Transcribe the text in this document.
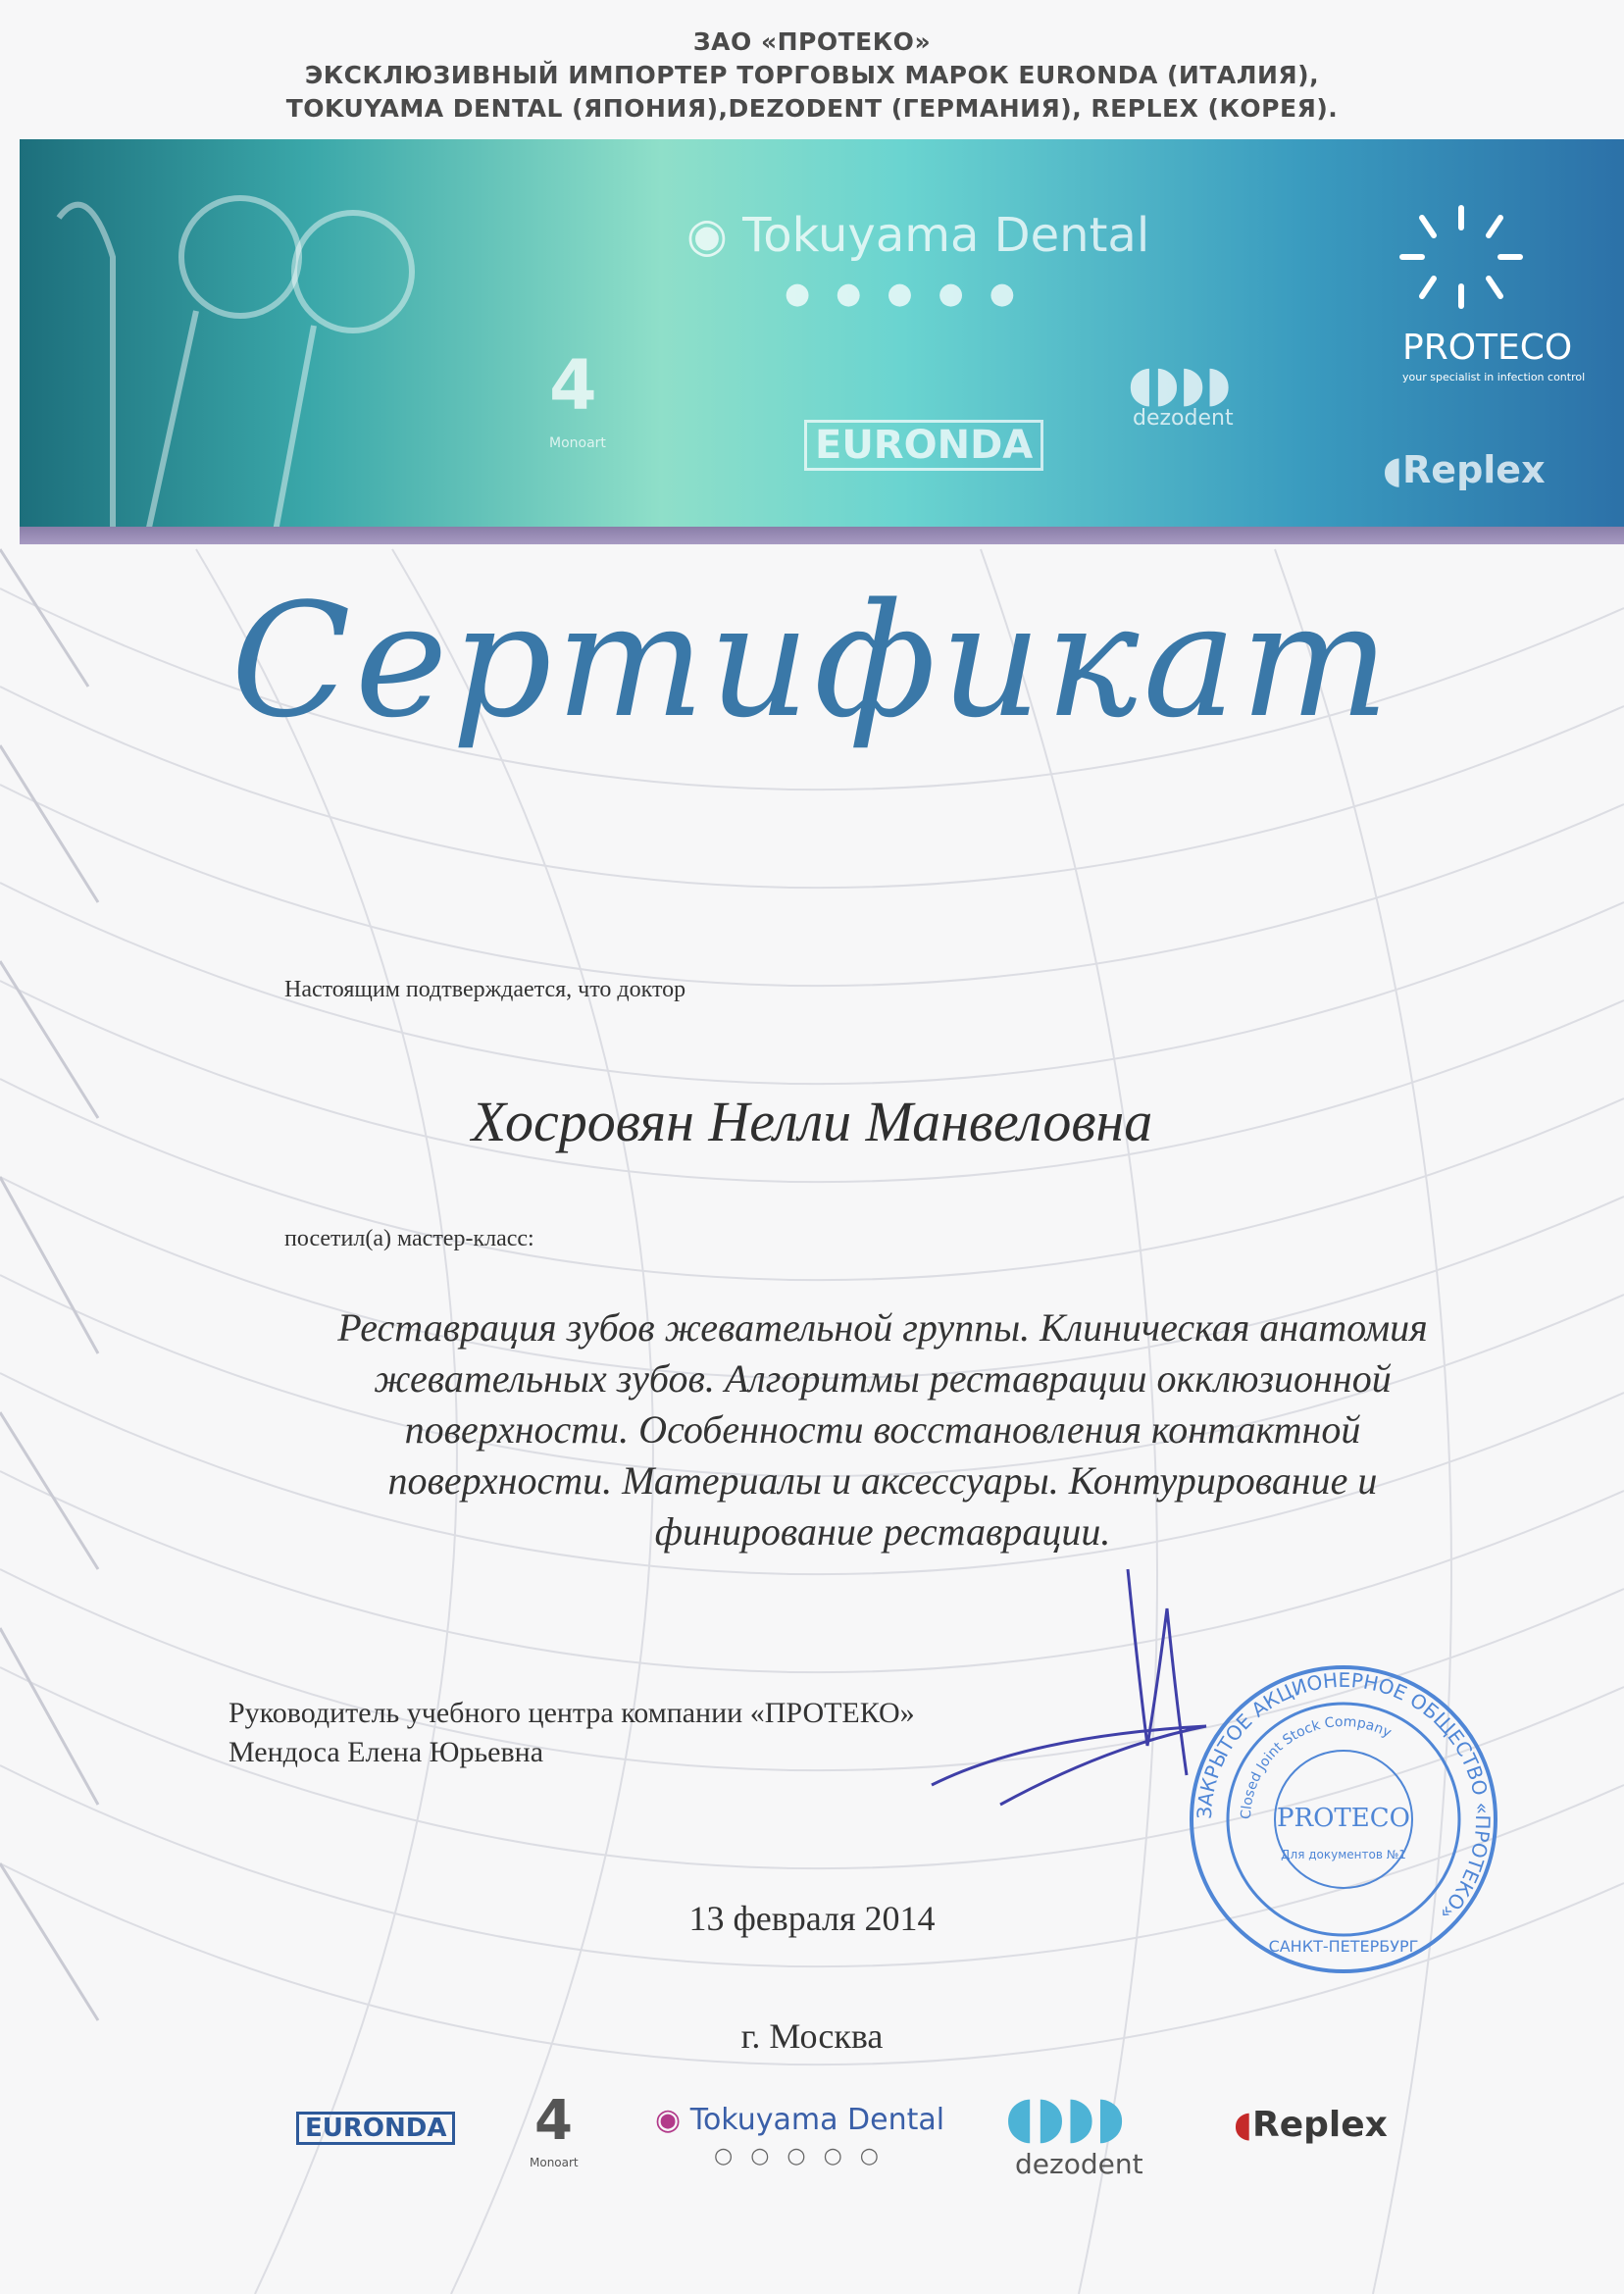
ЗАО «ПРОТЕКО»
ЭКСКЛЮЗИВНЫЙ ИМПОРТЕР ТОРГОВЫХ МАРОК EURONDA (ИТАЛИЯ),
TOKUYAMA DENTAL (ЯПОНИЯ),DEZODENT (ГЕРМАНИЯ), REPLEX (КОРЕЯ).
◉ Tokuyama Dental
●●●●●
4
Monoart	EURONDA
◖◗◗◗
dezodent
PROTECO
your specialist in infection control
◖Replex
Сертификат
Настоящим подтверждается, что доктор
Хосровян Нелли Манвеловна
посетил(а) мастер-класс:
Реставрация зубов жевательной группы. Клиническая анатомия
жевательных зубов. Алгоритмы реставрации окклюзионной
поверхности. Особенности восстановления контактной
поверхности. Материалы и аксессуары. Контурирование и
финирование реставрации.
Руководитель учебного центра компании «ПРОТЕКО»
Мендоса Елена Юрьевна
ЗАКРЫТОЕ АКЦИОНЕРНОЕ ОБЩЕСТВО «ПРОТЕКО»
Closed Joint Stock Company
PROTECO
Для документов №1
САНКТ-ПЕТЕРБУРГ
13 февраля 2014
г. Москва
EURONDA 4
Monoart
◉ Tokuyama Dental
○○○○○
◖◗◗◗
dezodent
◖Replex
